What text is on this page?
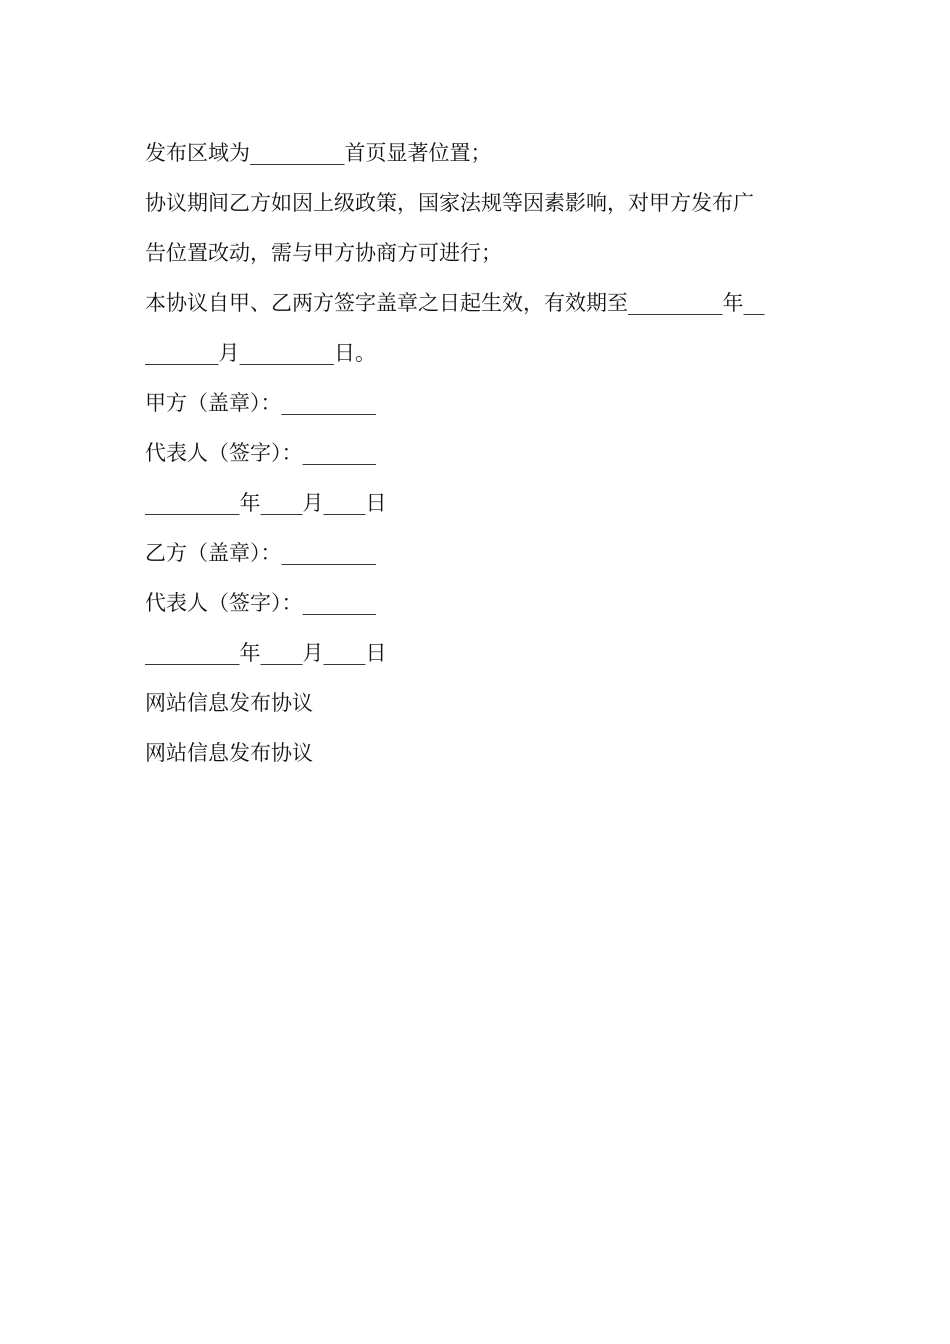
发布区域为_________首页显著位置；

协议期间乙方如因上级政策，国家法规等因素影响，对甲方发布广

告位置改动，需与甲方协商方可进行；

本协议自甲、乙两方签字盖章之日起生效，有效期至_________年__

_______月_________日。

甲方（盖章）：_________

代表人（签字）：_______

_________年____月____日

乙方（盖章）：_________

代表人（签字）：_______

_________年____月____日

网站信息发布协议

网站信息发布协议
